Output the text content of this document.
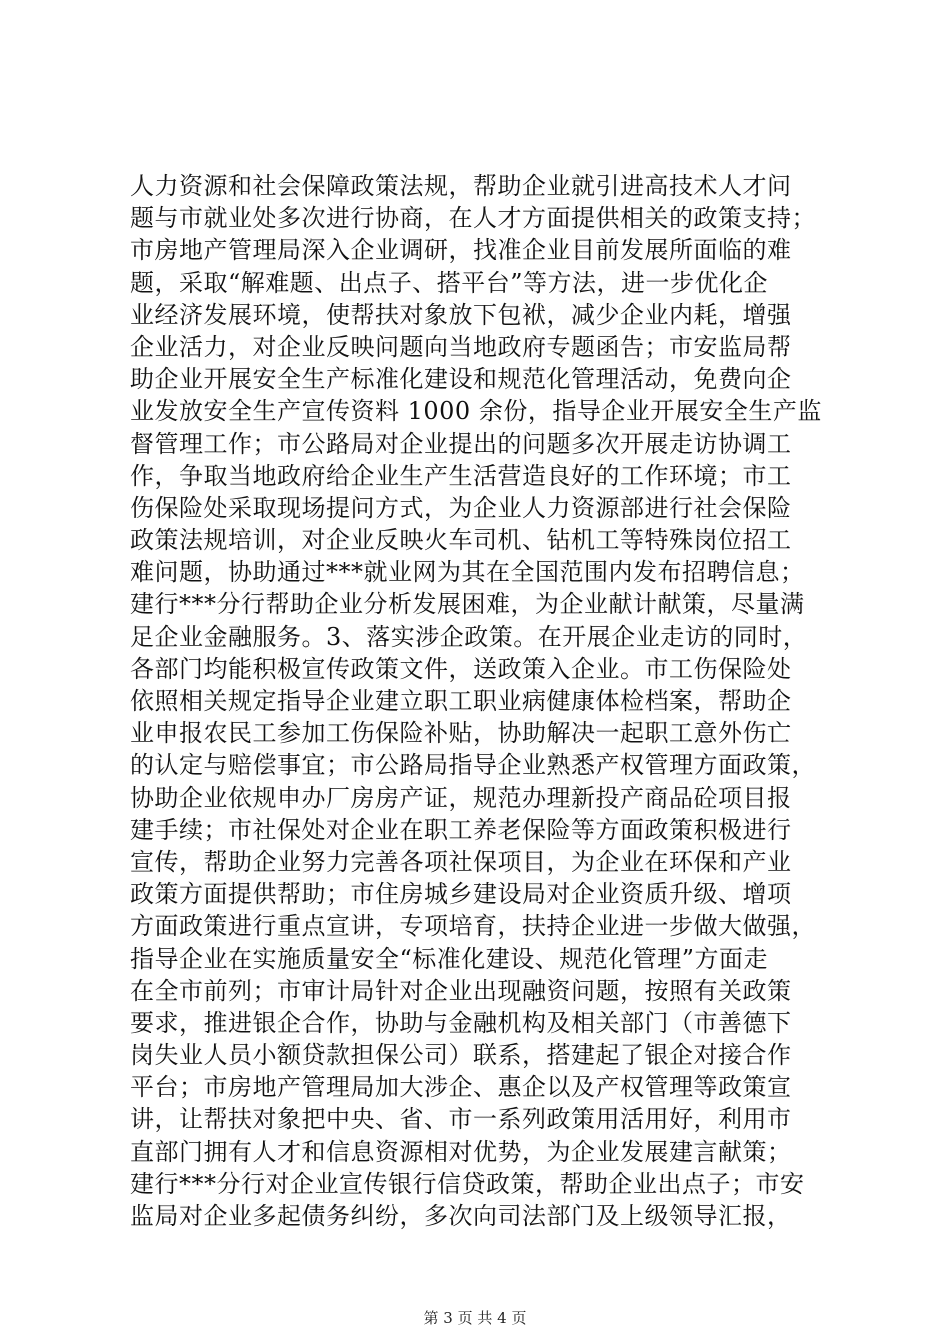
人力资源和社会保障政策法规，帮助企业就引进高技术人才问
题与市就业处多次进行协商，在人才方面提供相关的政策支持；
市房地产管理局深入企业调研，找准企业目前发展所面临的难
题，采取“解难题、出点子、搭平台”等方法，进一步优化企
业经济发展环境，使帮扶对象放下包袱，减少企业内耗，增强
企业活力，对企业反映问题向当地政府专题函告；市安监局帮
助企业开展安全生产标准化建设和规范化管理活动，免费向企
业发放安全生产宣传资料 1000 余份，指导企业开展安全生产监
督管理工作；市公路局对企业提出的问题多次开展走访协调工
作，争取当地政府给企业生产生活营造良好的工作环境；市工
伤保险处采取现场提问方式，为企业人力资源部进行社会保险
政策法规培训，对企业反映火车司机、钻机工等特殊岗位招工
难问题，协助通过***就业网为其在全国范围内发布招聘信息；
建行***分行帮助企业分析发展困难，为企业献计献策，尽量满
足企业金融服务。3、落实涉企政策。在开展企业走访的同时，
各部门均能积极宣传政策文件，送政策入企业。市工伤保险处
依照相关规定指导企业建立职工职业病健康体检档案，帮助企
业申报农民工参加工伤保险补贴，协助解决一起职工意外伤亡
的认定与赔偿事宜；市公路局指导企业熟悉产权管理方面政策，
协助企业依规申办厂房房产证，规范办理新投产商品砼项目报
建手续；市社保处对企业在职工养老保险等方面政策积极进行
宣传，帮助企业努力完善各项社保项目，为企业在环保和产业
政策方面提供帮助；市住房城乡建设局对企业资质升级、增项
方面政策进行重点宣讲，专项培育，扶持企业进一步做大做强，
指导企业在实施质量安全“标准化建设、规范化管理”方面走
在全市前列；市审计局针对企业出现融资问题，按照有关政策
要求，推进银企合作，协助与金融机构及相关部门（市善德下
岗失业人员小额贷款担保公司）联系，搭建起了银企对接合作
平台；市房地产管理局加大涉企、惠企以及产权管理等政策宣
讲，让帮扶对象把中央、省、市一系列政策用活用好，利用市
直部门拥有人才和信息资源相对优势，为企业发展建言献策；
建行***分行对企业宣传银行信贷政策，帮助企业出点子；市安
监局对企业多起债务纠纷，多次向司法部门及上级领导汇报，
第 3 页 共 4 页
